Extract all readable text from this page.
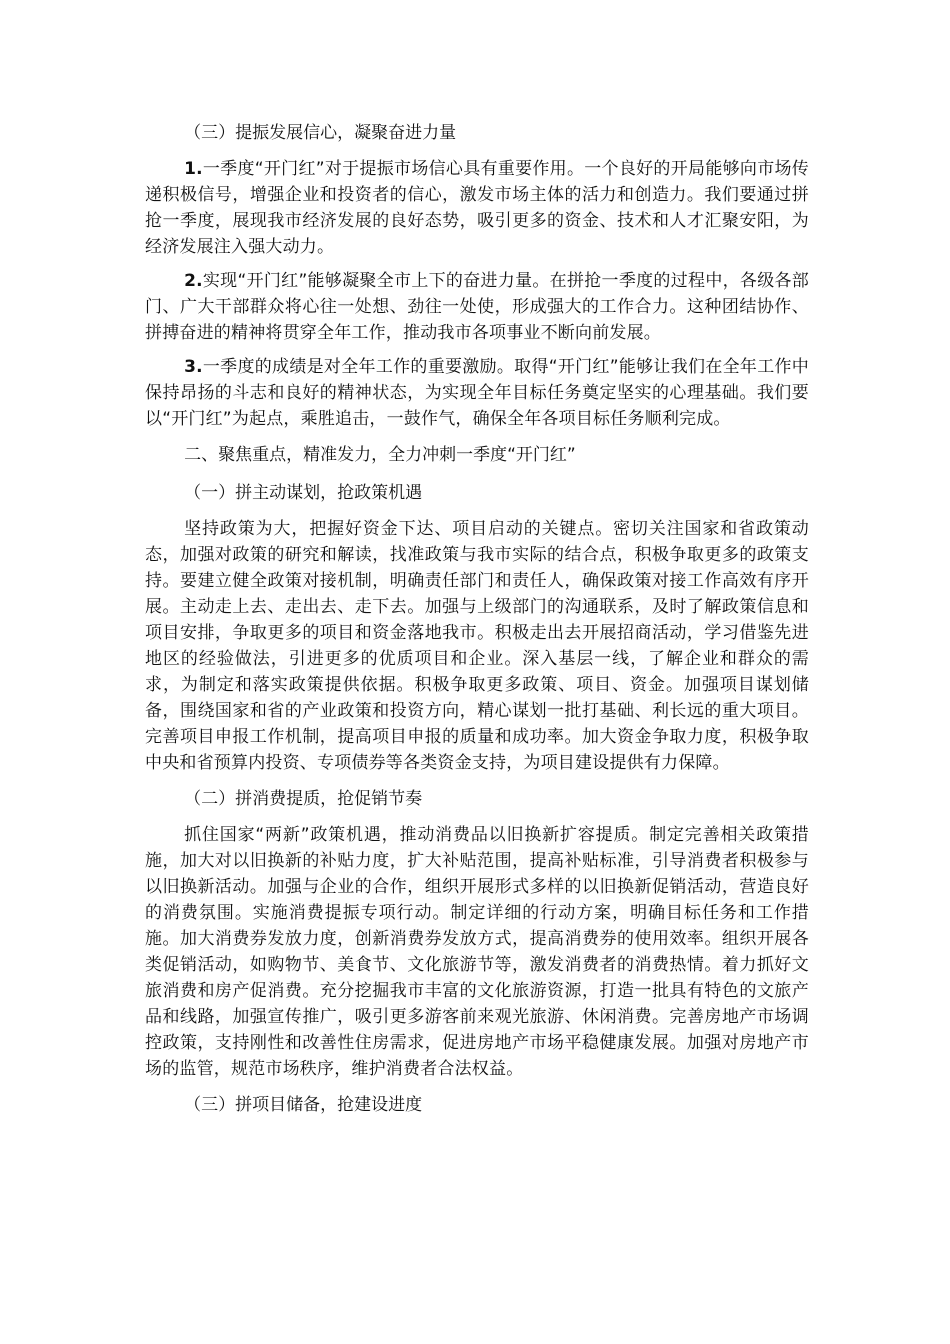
（三）提振发展信心，凝聚奋进力量
1.一季度“开门红”对于提振市场信心具有重要作用。一个良好的开局能够向市场传递积极信号，增强企业和投资者的信心，激发市场主体的活力和创造力。我们要通过拼抢一季度，展现我市经济发展的良好态势，吸引更多的资金、技术和人才汇聚安阳，为经济发展注入强大动力。
2.实现“开门红”能够凝聚全市上下的奋进力量。在拼抢一季度的过程中，各级各部门、广大干部群众将心往一处想、劲往一处使，形成强大的工作合力。这种团结协作、拼搏奋进的精神将贯穿全年工作，推动我市各项事业不断向前发展。
3.一季度的成绩是对全年工作的重要激励。取得“开门红”能够让我们在全年工作中保持昂扬的斗志和良好的精神状态，为实现全年目标任务奠定坚实的心理基础。我们要以“开门红”为起点，乘胜追击，一鼓作气，确保全年各项目标任务顺利完成。
二、聚焦重点，精准发力，全力冲刺一季度“开门红”
（一）拼主动谋划，抢政策机遇
坚持政策为大，把握好资金下达、项目启动的关键点。密切关注国家和省政策动态，加强对政策的研究和解读，找准政策与我市实际的结合点，积极争取更多的政策支持。要建立健全政策对接机制，明确责任部门和责任人，确保政策对接工作高效有序开展。主动走上去、走出去、走下去。加强与上级部门的沟通联系，及时了解政策信息和项目安排，争取更多的项目和资金落地我市。积极走出去开展招商活动，学习借鉴先进地区的经验做法，引进更多的优质项目和企业。深入基层一线，了解企业和群众的需求，为制定和落实政策提供依据。积极争取更多政策、项目、资金。加强项目谋划储备，围绕国家和省的产业政策和投资方向，精心谋划一批打基础、利长远的重大项目。完善项目申报工作机制，提高项目申报的质量和成功率。加大资金争取力度，积极争取中央和省预算内投资、专项债券等各类资金支持，为项目建设提供有力保障。
（二）拼消费提质，抢促销节奏
抓住国家“两新”政策机遇，推动消费品以旧换新扩容提质。制定完善相关政策措施，加大对以旧换新的补贴力度，扩大补贴范围，提高补贴标准，引导消费者积极参与以旧换新活动。加强与企业的合作，组织开展形式多样的以旧换新促销活动，营造良好的消费氛围。实施消费提振专项行动。制定详细的行动方案，明确目标任务和工作措施。加大消费券发放力度，创新消费券发放方式，提高消费券的使用效率。组织开展各类促销活动，如购物节、美食节、文化旅游节等，激发消费者的消费热情。着力抓好文旅消费和房产促消费。充分挖掘我市丰富的文化旅游资源，打造一批具有特色的文旅产品和线路，加强宣传推广，吸引更多游客前来观光旅游、休闲消费。完善房地产市场调控政策，支持刚性和改善性住房需求，促进房地产市场平稳健康发展。加强对房地产市场的监管，规范市场秩序，维护消费者合法权益。
（三）拼项目储备，抢建设进度
